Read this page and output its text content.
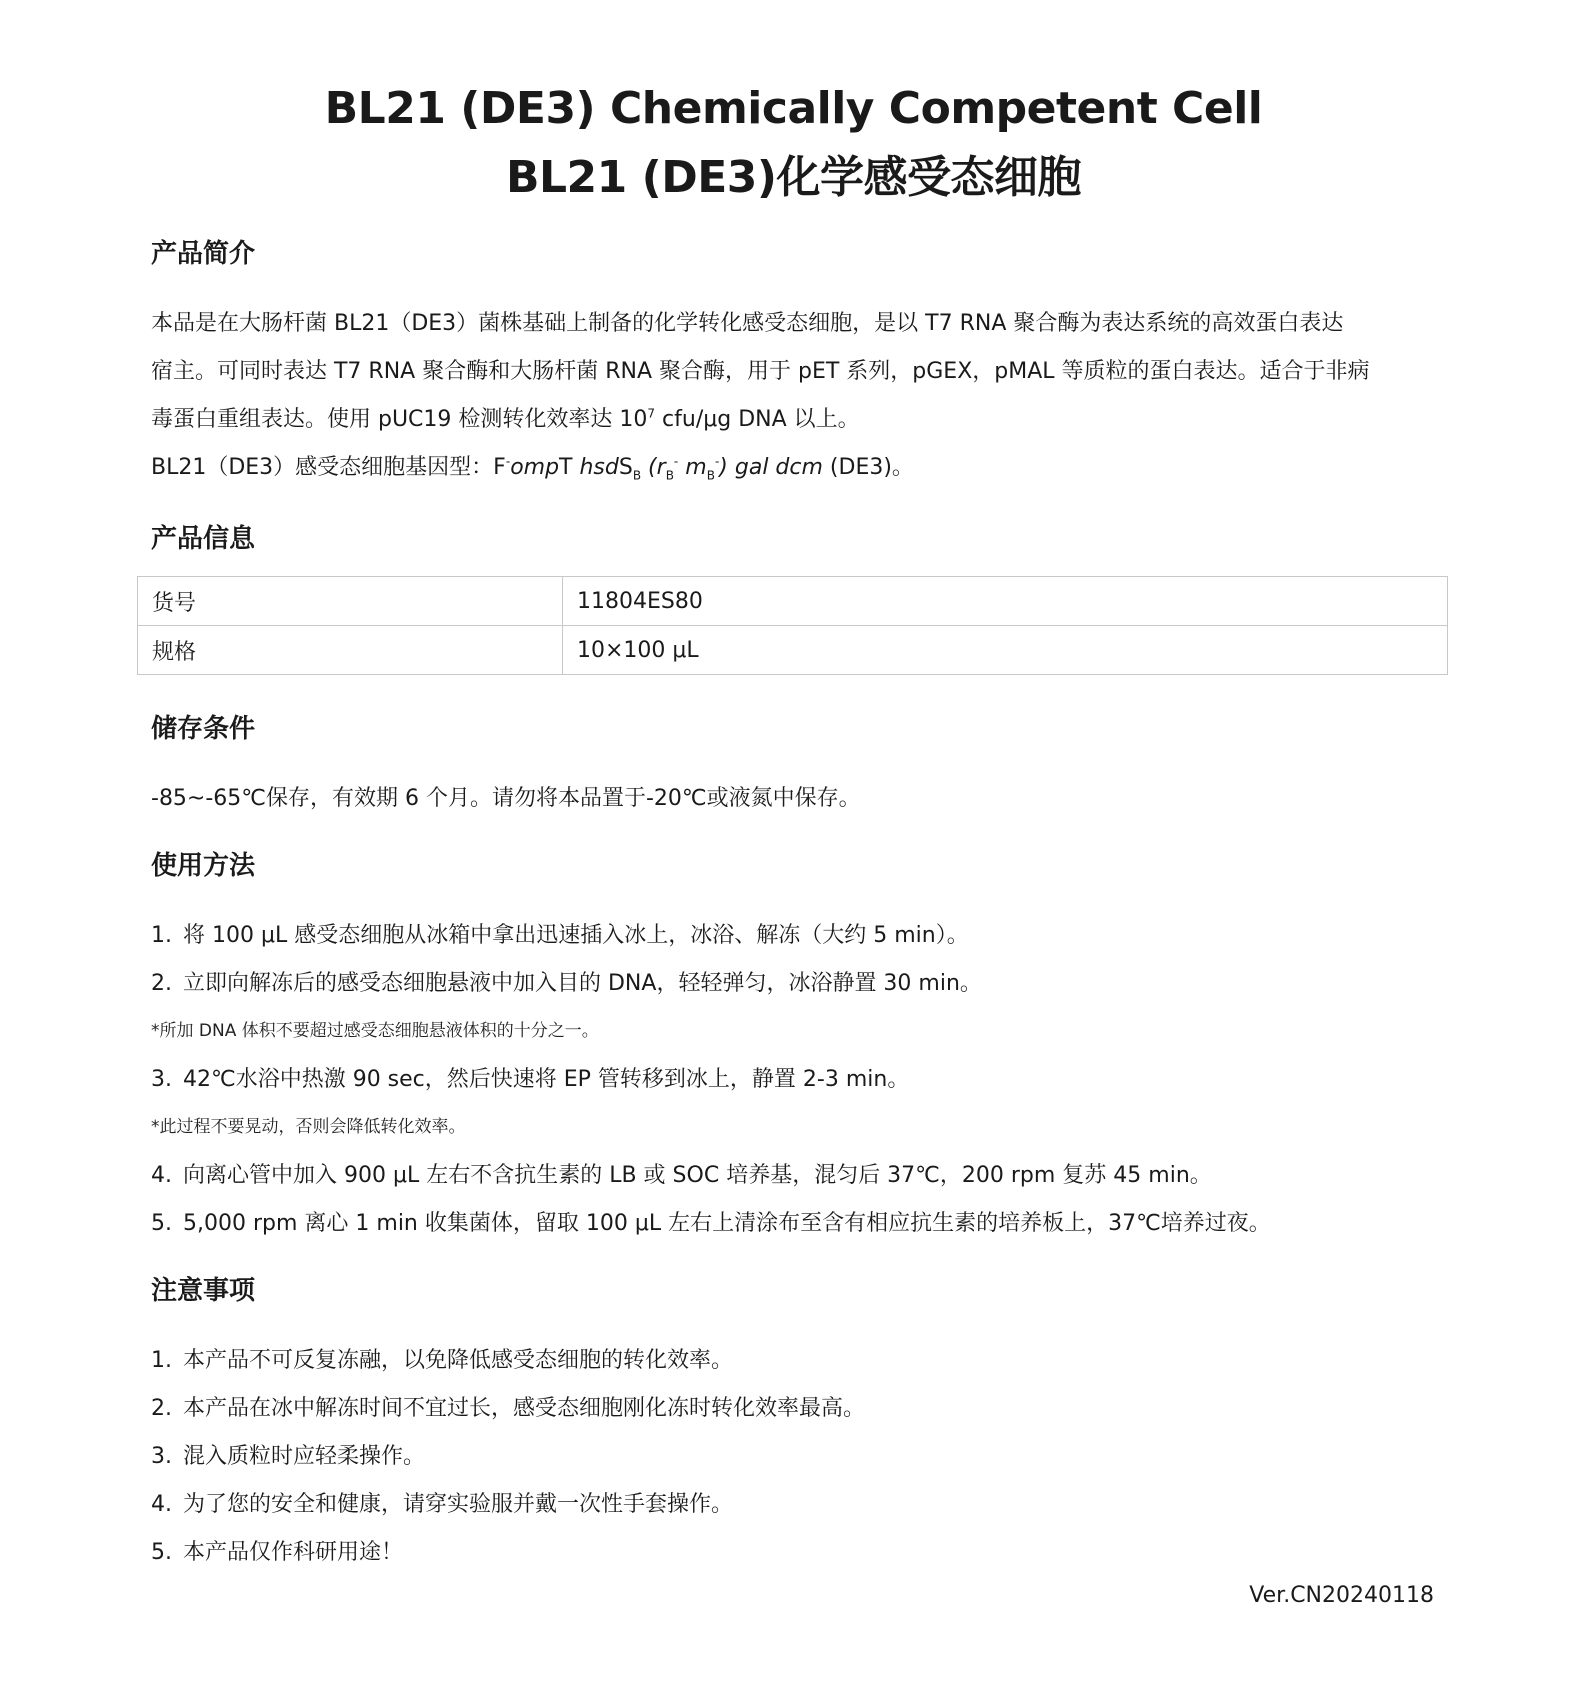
BL21 (DE3) Chemically Competent Cell
BL21 (DE3)化学感受态细胞
产品简介
本品是在大肠杆菌 BL21（DE3）菌株基础上制备的化学转化感受态细胞，是以 T7 RNA 聚合酶为表达系统的高效蛋白表达
宿主。可同时表达 T7 RNA 聚合酶和大肠杆菌 RNA 聚合酶，用于 pET 系列，pGEX，pMAL 等质粒的蛋白表达。适合于非病
毒蛋白重组表达。使用 pUC19 检测转化效率达 $10^7$ cfu/μg DNA 以上。
BL21（DE3）感受态细胞基因型：F-ompT hsdS$_B$ ($r_B^-$ $m_B^-$) gal dcm (DE3)。
产品信息
货号	11804ES80
规格	10×100 μL
储存条件
-85~-65℃保存，有效期 6 个月。请勿将本品置于-20℃或液氮中保存。
使用方法
1. 将 100 μL 感受态细胞从冰箱中拿出迅速插入冰上，冰浴、解冻（大约 5 min）。
2. 立即向解冻后的感受态细胞悬液中加入目的 DNA，轻轻弹匀，冰浴静置 30 min。
*所加 DNA 体积不要超过感受态细胞悬液体积的十分之一。
3. 42℃水浴中热激 90 sec，然后快速将 EP 管转移到冰上，静置 2-3 min。
*此过程不要晃动，否则会降低转化效率。
4. 向离心管中加入 900 μL 左右不含抗生素的 LB 或 SOC 培养基，混匀后 37℃，200 rpm 复苏 45 min。
5. 5,000 rpm 离心 1 min 收集菌体，留取 100 μL 左右上清涂布至含有相应抗生素的培养板上，37℃培养过夜。
注意事项
1. 本产品不可反复冻融，以免降低感受态细胞的转化效率。
2. 本产品在冰中解冻时间不宜过长，感受态细胞刚化冻时转化效率最高。
3. 混入质粒时应轻柔操作。
4. 为了您的安全和健康，请穿实验服并戴一次性手套操作。
5. 本产品仅作科研用途！
Ver.CN20240118
